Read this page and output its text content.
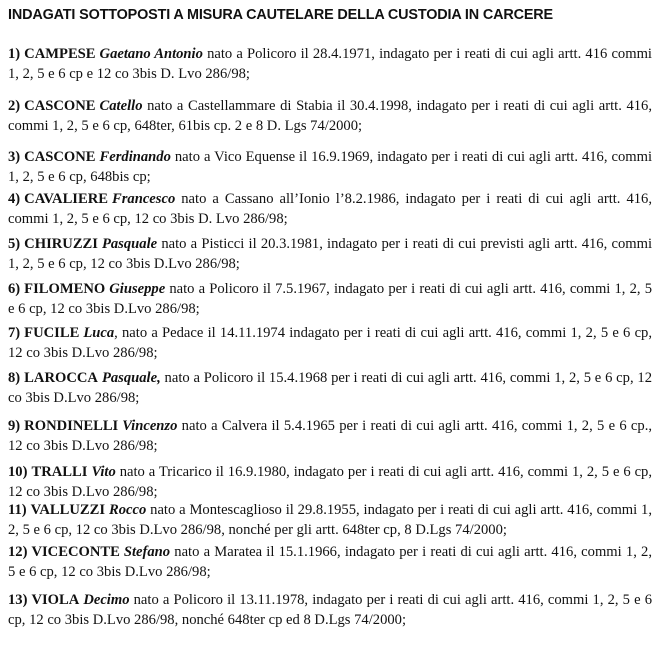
INDAGATI SOTTOPOSTI A MISURA CAUTELARE DELLA CUSTODIA IN CARCERE
1) CAMPESE Gaetano Antonio nato a Policoro il 28.4.1971, indagato per i reati di cui agli artt. 416 commi 1, 2, 5 e 6 cp e 12 co 3bis D. Lvo 286/98;
2) CASCONE Catello nato a Castellammare di Stabia il 30.4.1998, indagato per i reati di cui agli artt. 416, commi 1, 2, 5 e 6 cp, 648ter, 61bis cp. 2 e 8 D. Lgs 74/2000;
3) CASCONE Ferdinando nato a Vico Equense il 16.9.1969, indagato per i reati di cui agli artt. 416, commi 1, 2, 5 e 6 cp, 648bis cp;
4) CAVALIERE Francesco nato a Cassano all’Ionio l’8.2.1986, indagato per i reati di cui agli artt. 416, commi 1, 2, 5 e 6 cp, 12 co 3bis D. Lvo 286/98;
5) CHIRUZZI Pasquale nato a Pisticci il 20.3.1981, indagato per i reati di cui previsti agli artt. 416, commi 1, 2, 5 e 6 cp, 12 co 3bis D.Lvo 286/98;
6) FILOMENO Giuseppe nato a Policoro il 7.5.1967, indagato per i reati di cui agli artt. 416, commi 1, 2, 5 e 6 cp, 12 co 3bis D.Lvo 286/98;
7) FUCILE Luca, nato a Pedace il 14.11.1974 indagato per i reati di cui agli artt. 416, commi 1, 2, 5 e 6 cp, 12 co 3bis D.Lvo 286/98;
8) LAROCCA Pasquale, nato a Policoro il 15.4.1968 per i reati di cui agli artt. 416, commi 1, 2, 5 e 6 cp, 12 co 3bis D.Lvo 286/98;
9) RONDINELLI Vincenzo nato a Calvera il 5.4.1965 per i reati di cui agli artt. 416, commi 1, 2, 5 e 6 cp., 12 co 3bis D.Lvo 286/98;
10) TRALLI Vito nato a Tricarico il 16.9.1980, indagato per i reati di cui agli artt. 416, commi 1, 2, 5 e 6 cp, 12 co 3bis D.Lvo 286/98;
11) VALLUZZI Rocco nato a Montescaglioso il 29.8.1955, indagato per i reati di cui agli artt. 416, commi 1, 2, 5 e 6 cp, 12 co 3bis D.Lvo 286/98, nonché per gli artt. 648ter cp, 8 D.Lgs 74/2000;
12) VICECONTE Stefano nato a Maratea il 15.1.1966, indagato per i reati di cui agli artt. 416, commi 1, 2, 5 e 6 cp, 12 co 3bis D.Lvo 286/98;
13) VIOLA Decimo nato a Policoro il 13.11.1978, indagato per i reati di cui agli artt. 416, commi 1, 2, 5 e 6 cp, 12 co 3bis D.Lvo 286/98, nonché 648ter cp ed 8 D.Lgs 74/2000;
